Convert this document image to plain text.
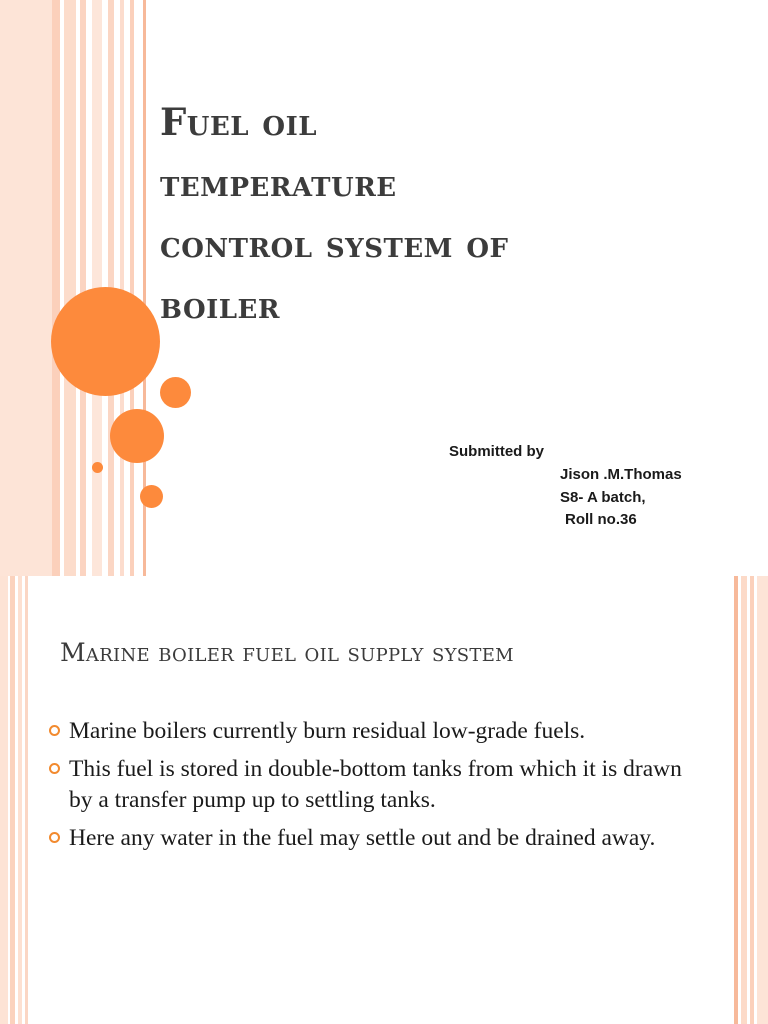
Fuel oil
temperature
control system of
boiler
Submitted by
Jison .M.Thomas
S8- A batch,
Roll no.36
Marine boiler fuel oil supply system
Marine boilers currently burn residual low-grade fuels.
This fuel is stored in double-bottom tanks from which it is drawn by a transfer pump up to settling tanks.
Here any water in the fuel may settle out and be drained away.
